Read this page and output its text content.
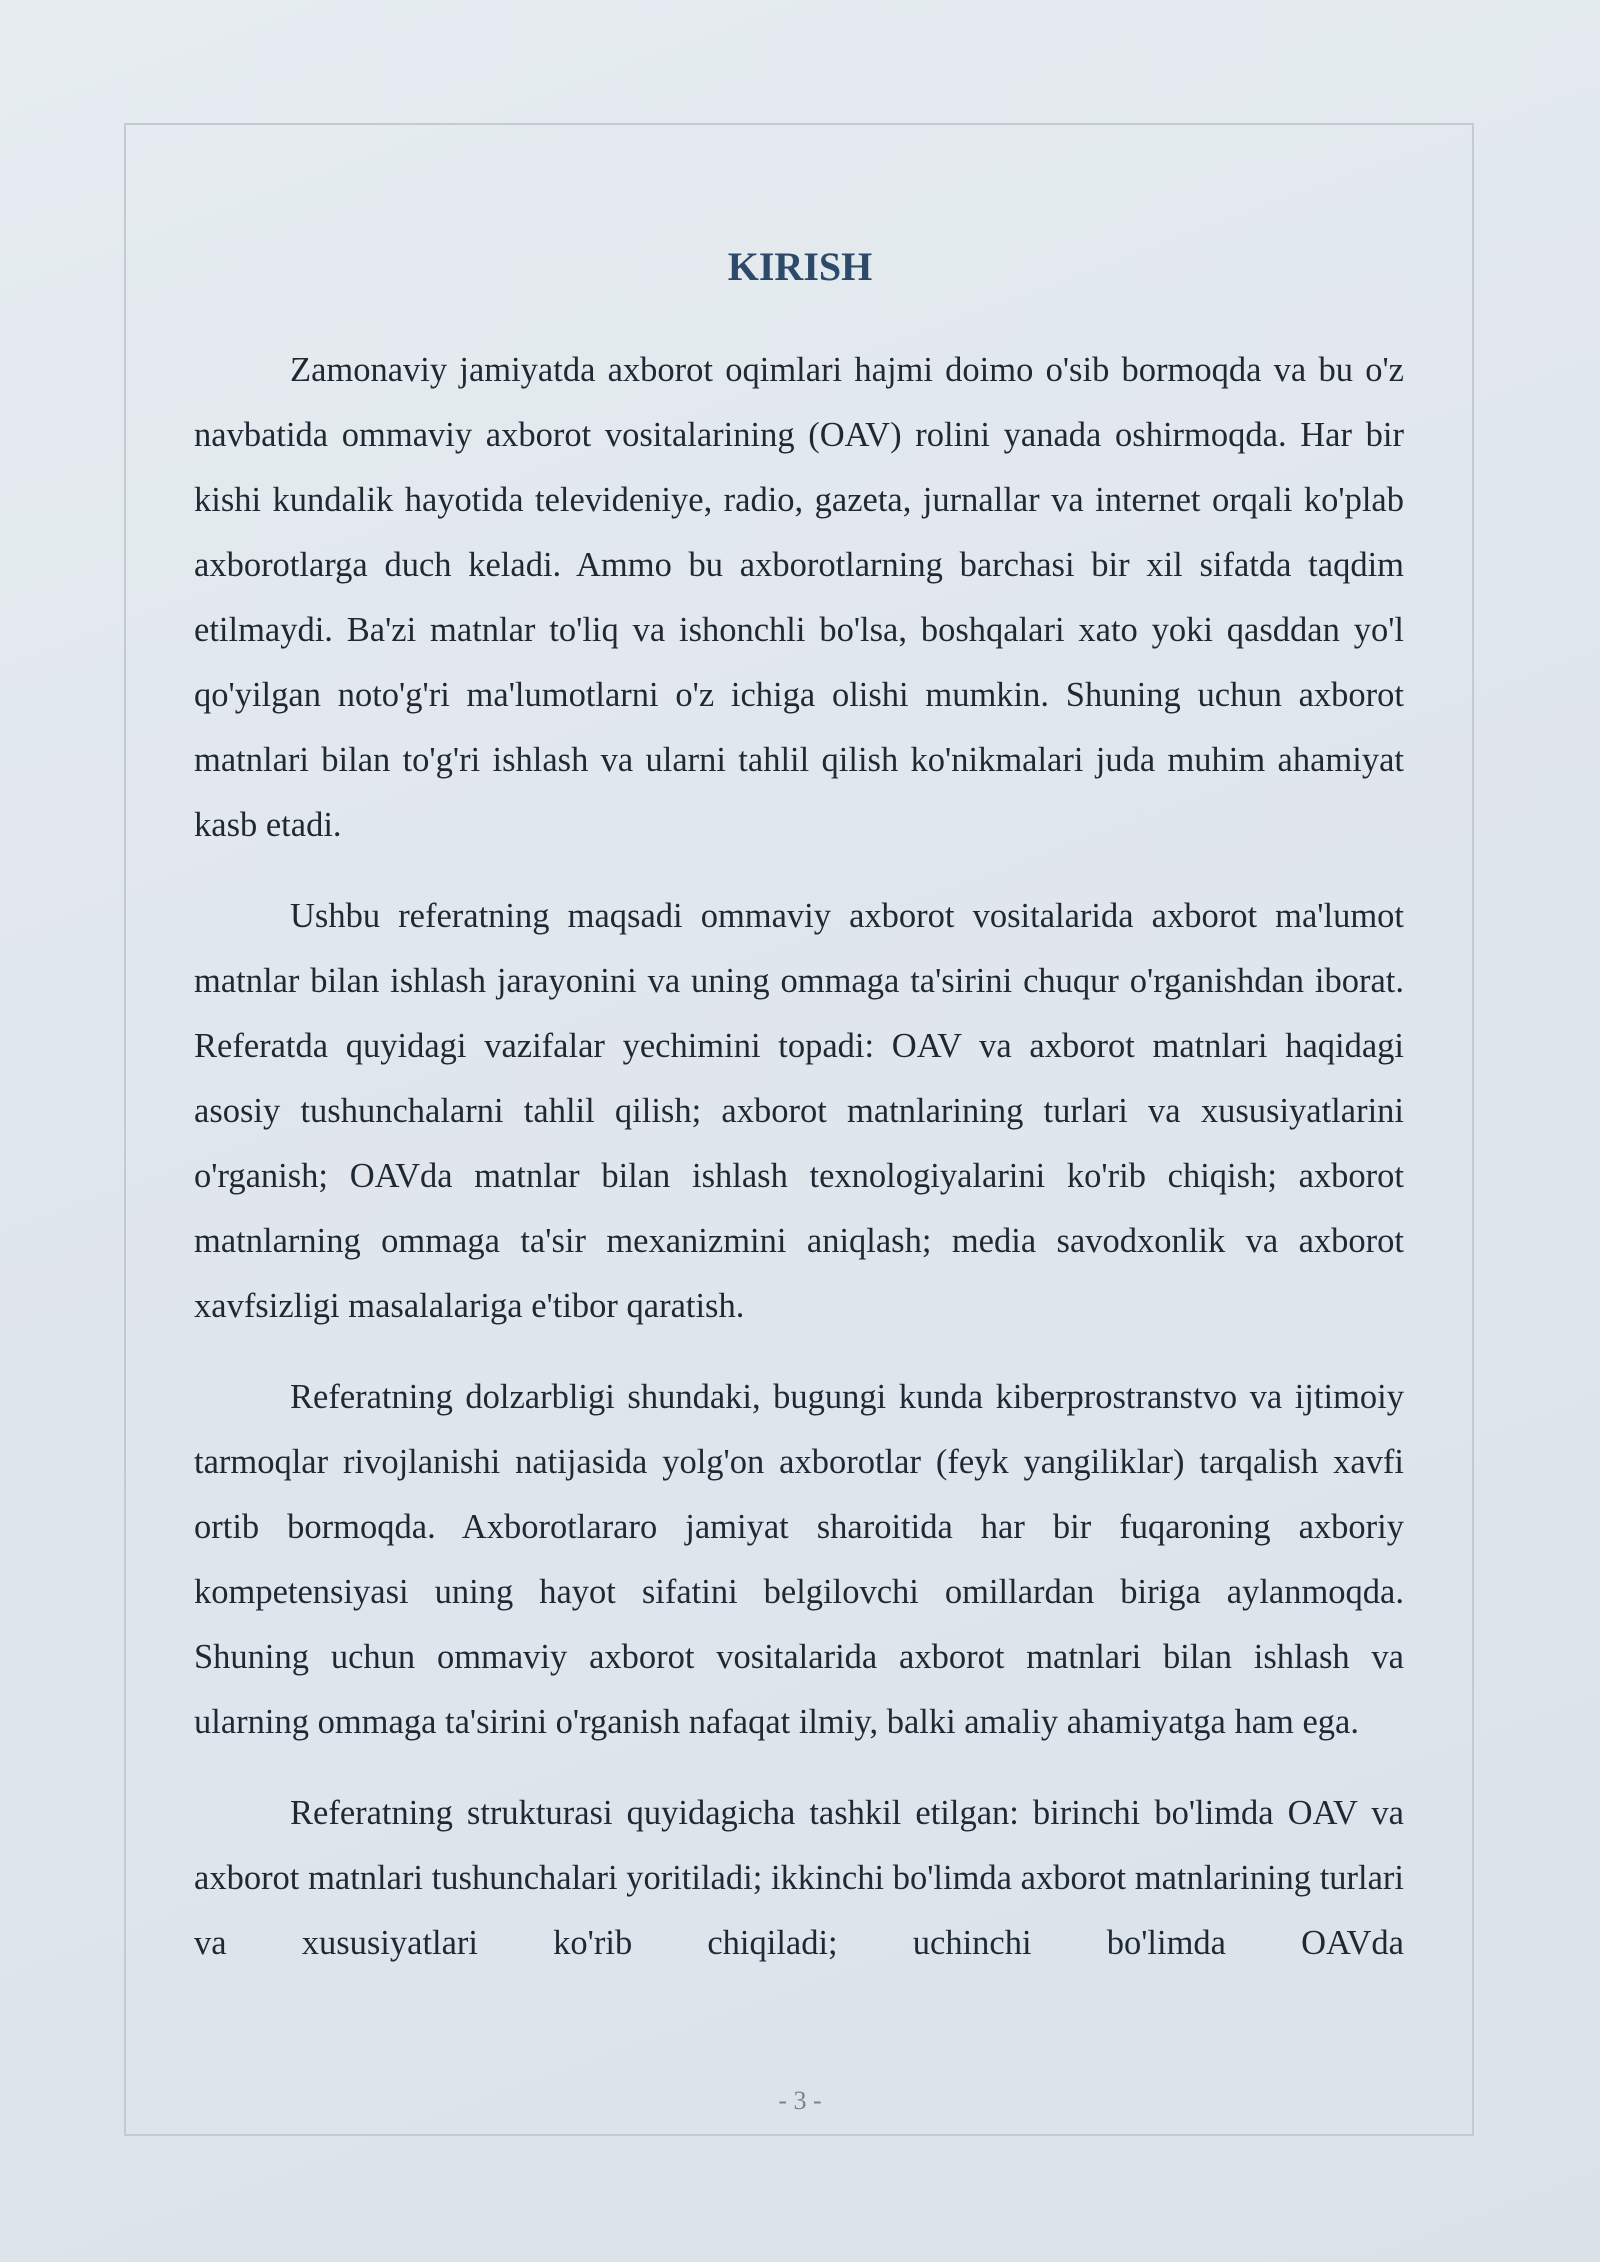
KIRISH

Zamonaviy jamiyatda axborot oqimlari hajmi doimo o'sib bormoqda va bu o'z navbatida ommaviy axborot vositalarining (OAV) rolini yanada oshirmoqda. Har bir kishi kundalik hayotida televideniye, radio, gazeta, jurnallar va internet orqali ko'plab axborotlarga duch keladi. Ammo bu axborotlarning barchasi bir xil sifatda taqdim etilmaydi. Ba'zi matnlar to'liq va ishonchli bo'lsa, boshqalari xato yoki qasddan yo'l qo'yilgan noto'g'ri ma'lumotlarni o'z ichiga olishi mumkin. Shuning uchun axborot matnlari bilan to'g'ri ishlash va ularni tahlil qilish ko'nikmalari juda muhim ahamiyat kasb etadi.

Ushbu referatning maqsadi ommaviy axborot vositalarida axborot ma'lumot matnlar bilan ishlash jarayonini va uning ommaga ta'sirini chuqur o'rganishdan iborat. Referatda quyidagi vazifalar yechimini topadi: OAV va axborot matnlari haqidagi asosiy tushunchalarni tahlil qilish; axborot matnlarining turlari va xususiyatlarini o'rganish; OAVda matnlar bilan ishlash texnologiyalarini ko'rib chiqish; axborot matnlarning ommaga ta'sir mexanizmini aniqlash; media savodxonlik va axborot xavfsizligi masalalariga e'tibor qaratish.

Referatning dolzarbligi shundaki, bugungi kunda kiberprostranstvo va ijtimoiy tarmoqlar rivojlanishi natijasida yolg'on axborotlar (feyk yangiliklar) tarqalish xavfi ortib bormoqda. Axborotlararo jamiyat sharoitida har bir fuqaroning axboriy kompetensiyasi uning hayot sifatini belgilovchi omillardan biriga aylanmoqda. Shuning uchun ommaviy axborot vositalarida axborot matnlari bilan ishlash va ularning ommaga ta'sirini o'rganish nafaqat ilmiy, balki amaliy ahamiyatga ham ega.

Referatning strukturasi quyidagicha tashkil etilgan: birinchi bo'limda OAV va axborot matnlari tushunchalari yoritiladi; ikkinchi bo'limda axborot matnlarining turlari va xususiyatlari ko'rib chiqiladi; uchinchi bo'limda OAVda

- 3 -
